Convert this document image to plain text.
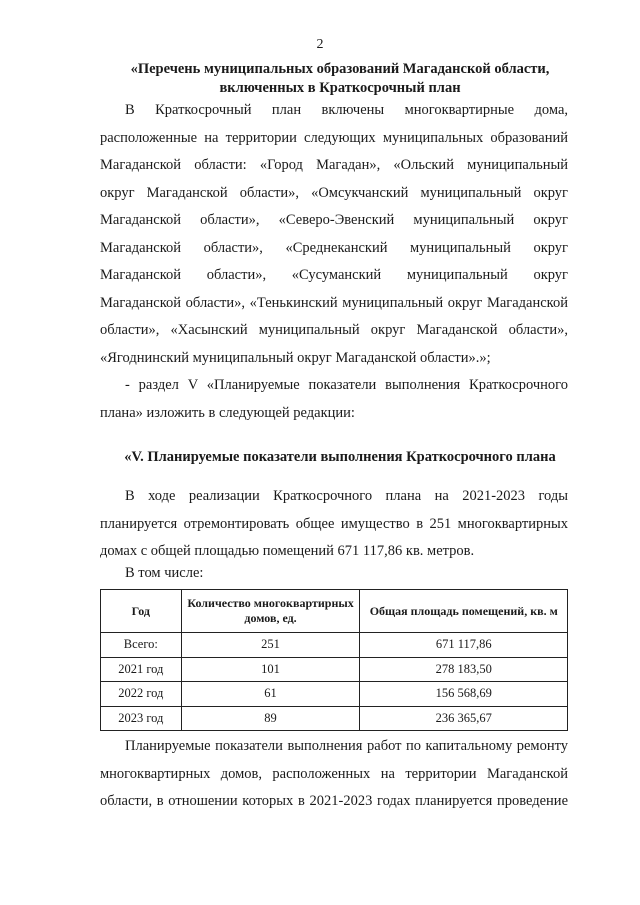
2
«Перечень муниципальных образований Магаданской области,
включенных в Краткосрочный план
В Краткосрочный план включены многоквартирные дома,
расположенные на территории следующих муниципальных образований
Магаданской области: «Город Магадан», «Ольский муниципальный
округ Магаданской области», «Омсукчанский муниципальный округ
Магаданской области», «Северо-Эвенский муниципальный округ
Магаданской области», «Среднеканский муниципальный округ
Магаданской области», «Сусуманский муниципальный округ
Магаданской области», «Тенькинский муниципальный округ Магаданской
области», «Хасынский муниципальный округ Магаданской области»,
«Ягоднинский муниципальный округ Магаданской области».»;
- раздел V «Планируемые показатели выполнения Краткосрочного
плана» изложить в следующей редакции:
«V. Планируемые показатели выполнения Краткосрочного плана
В ходе реализации Краткосрочного плана на 2021-2023 годы
планируется отремонтировать общее имущество в 251 многоквартирных
домах с общей площадью помещений 671 117,86 кв. метров.
В том числе:
Год	Количество многоквартирных домов, ед.	Общая площадь помещений, кв. м
Всего:	251	671 117,86
2021 год	101	278 183,50
2022 год	61	156 568,69
2023 год	89	236 365,67
Планируемые показатели выполнения работ по капитальному ремонту
многоквартирных домов, расположенных на территории Магаданской
области, в отношении которых в 2021-2023 годах планируется проведение
